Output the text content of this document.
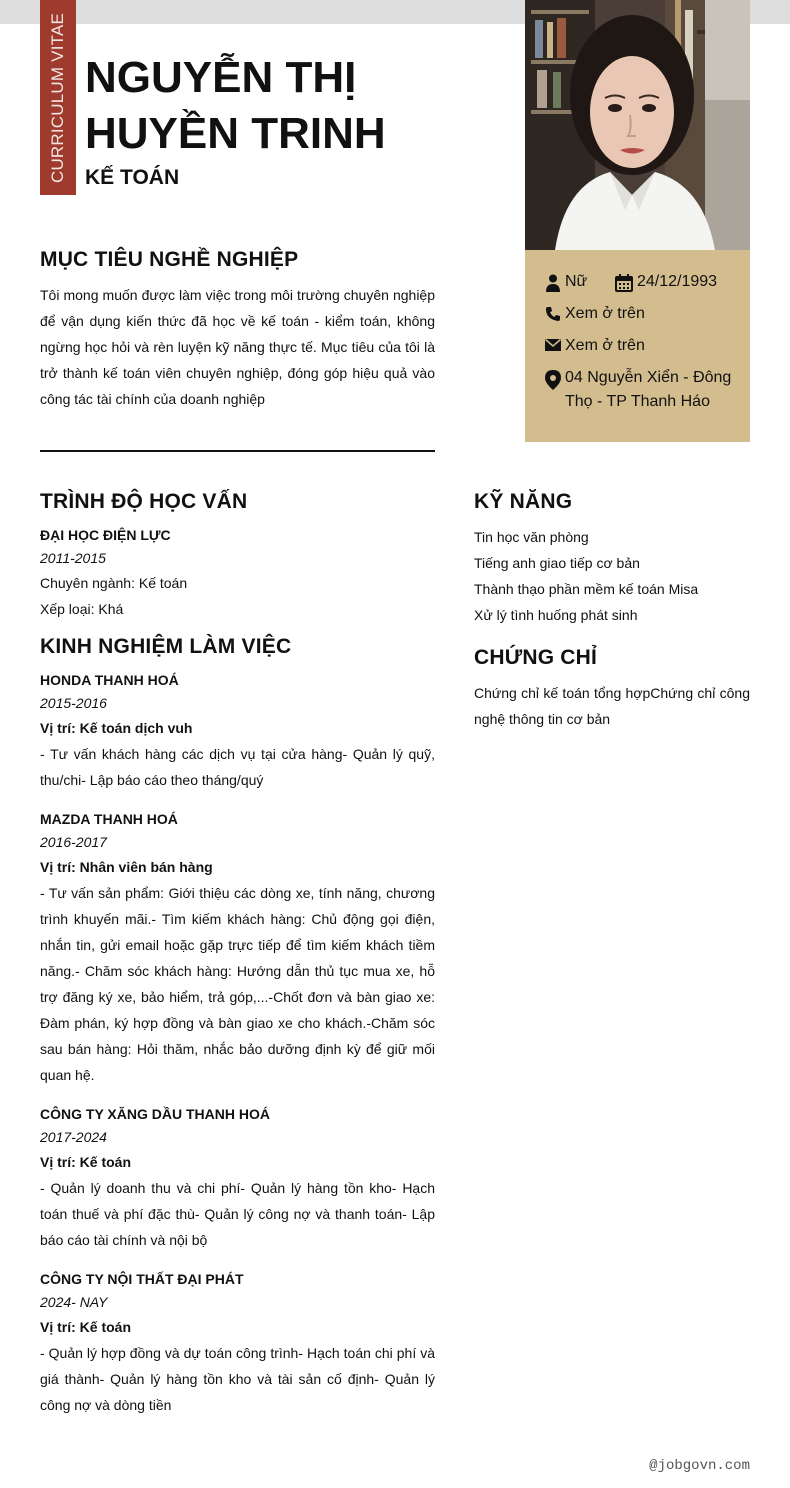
CURRICULUM VITAE NGUYỄN THỊ HUYỀN TRINH
KẾ TOÁN
Nữ	24/12/1993
Xem ở trên
Xem ở trên
04 Nguyễn Xiển - Đông Thọ - TP Thanh Háo
MỤC TIÊU NGHỀ NGHIỆP
Tôi mong muốn được làm việc trong môi trường chuyên nghiệp để vận dụng kiến thức đã học về kế toán - kiểm toán, không ngừng học hỏi và rèn luyện kỹ năng thực tế. Mục tiêu của tôi là trở thành kế toán viên chuyên nghiệp, đóng góp hiệu quả vào công tác tài chính của doanh nghiệp
TRÌNH ĐỘ HỌC VẤN
ĐẠI HỌC ĐIỆN LỰC
2011-2015
Chuyên ngành: Kế toán
Xếp loại: Khá
KINH NGHIỆM LÀM VIỆC
HONDA THANH HOÁ
2015-2016
Vị trí: Kế toán dịch vuh
- Tư vấn khách hàng các dịch vụ tại cửa hàng- Quản lý quỹ, thu/chi- Lập báo cáo theo tháng/quý
MAZDA THANH HOÁ
2016-2017
Vị trí: Nhân viên bán hàng
- Tư vấn sản phẩm: Giới thiệu các dòng xe, tính năng, chương trình khuyến mãi.- Tìm kiếm khách hàng: Chủ động gọi điện, nhắn tin, gửi email hoặc gặp trực tiếp để tìm kiếm khách tiềm năng.- Chăm sóc khách hàng: Hướng dẫn thủ tục mua xe, hỗ trợ đăng ký xe, bảo hiểm, trả góp,...-Chốt đơn và bàn giao xe: Đàm phán, ký hợp đồng và bàn giao xe cho khách.-Chăm sóc sau bán hàng: Hỏi thăm, nhắc bảo dưỡng định kỳ để giữ mối quan hệ.
CÔNG TY XĂNG DẦU THANH HOÁ
2017-2024
Vị trí: Kế toán
- Quản lý doanh thu và chi phí- Quản lý hàng tồn kho- Hạch toán thuế và phí đặc thù- Quản lý công nợ và thanh toán- Lập báo cáo tài chính và nội bộ
CÔNG TY NỘI THẤT ĐẠI PHÁT
2024- NAY
Vị trí: Kế toán
- Quản lý hợp đồng và dự toán công trình- Hạch toán chi phí và giá thành- Quản lý hàng tồn kho và tài sản cố định- Quản lý công nợ và dòng tiền
KỸ NĂNG
Tin học văn phòng
Tiếng anh giao tiếp cơ bản
Thành thạo phần mềm kế toán Misa
Xử lý tình huống phát sinh
CHỨNG CHỈ
Chứng chỉ kế toán tổng hợpChứng chỉ công nghệ thông tin cơ bản
@jobgovn.com
